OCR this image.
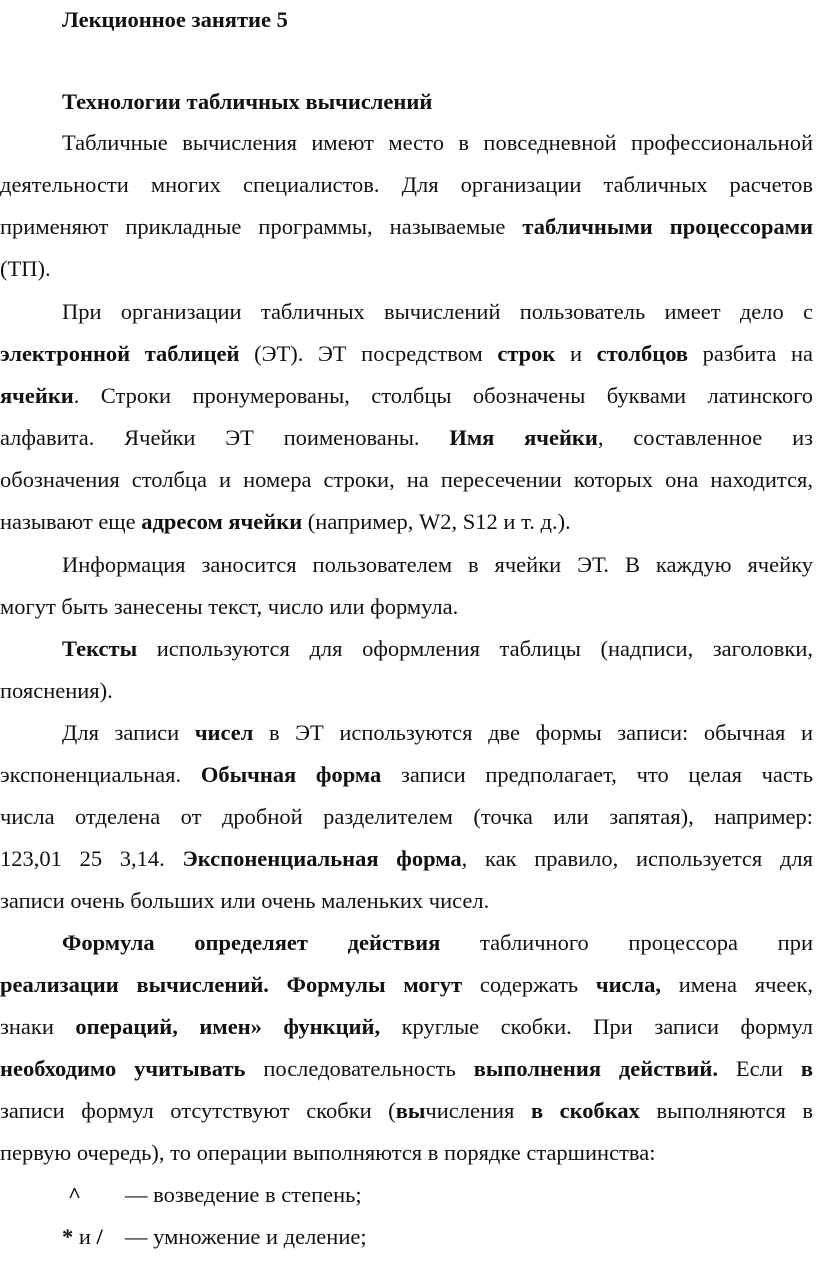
Лекционное занятие 5
Технологии табличных вычислений
Табличные вычисления имеют место в повседневной профессиональной
деятельности многих специалистов. Для организации табличных расчетов
применяют прикладные программы, называемые табличными процессорами
(ТП).
При организации табличных вычислений пользователь имеет дело с
электронной таблицей (ЭТ). ЭТ посредством строк и столбцов разбита на
ячейки. Строки пронумерованы, столбцы обозначены буквами латинского
алфавита. Ячейки ЭТ поименованы. Имя ячейки, составленное из
обозначения столбца и номера строки, на пересечении которых она находится,
называют еще адресом ячейки (например, W2, S12 и т. д.).
Информация заносится пользователем в ячейки ЭТ. В каждую ячейку
могут быть занесены текст, число или формула.
Тексты используются для оформления таблицы (надписи, заголовки,
пояснения).
Для записи чисел в ЭТ используются две формы записи: обычная и
экспоненциальная. Обычная форма записи предполагает, что целая часть
числа отделена от дробной разделителем (точка или запятая), например:
123,01 25 3,14. Экспоненциальная форма, как правило, используется для
записи очень больших или очень маленьких чисел.
Формула определяет действия табличного процессора при
реализации вычислений. Формулы могут содержать числа, имена ячеек,
знаки операций, имен» функций, круглые скобки. При записи формул
необходимо учитывать последовательность выполнения действий. Если в
записи формул отсутствуют скобки (вычисления в скобках выполняются в
первую очередь), то операции выполняются в порядке старшинства:
^ — возведение в степень;
* и / — умножение и деление;
